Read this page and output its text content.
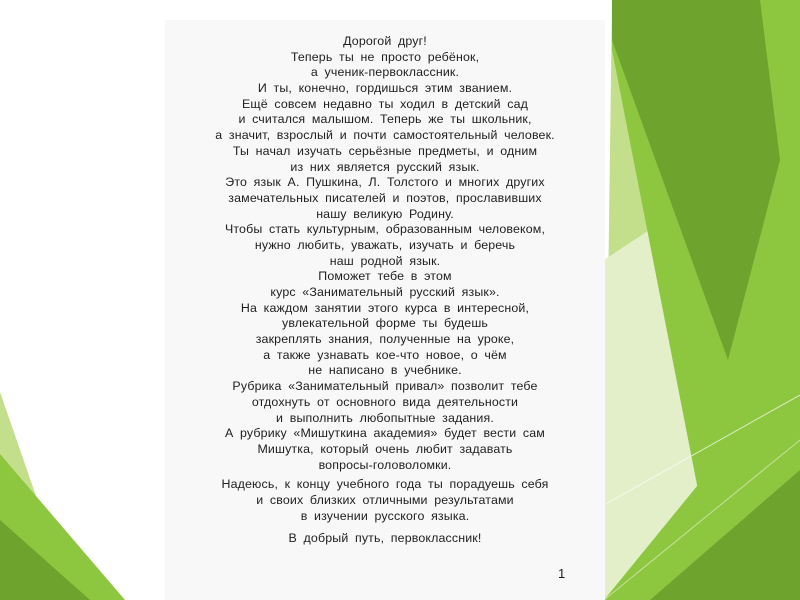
Дорогой друг!
Теперь ты не просто ребёнок,
а ученик-первоклассник.
И ты, конечно, гордишься этим званием.
Ещё совсем недавно ты ходил в детский сад
и считался малышом. Теперь же ты школьник,
а значит, взрослый и почти самостоятельный человек.
Ты начал изучать серьёзные предметы, и одним
из них является русский язык.
Это язык А. Пушкина, Л. Толстого и многих других
замечательных писателей и поэтов, прославивших
нашу великую Родину.
Чтобы стать культурным, образованным человеком,
нужно любить, уважать, изучать и беречь
наш родной язык.
Поможет тебе в этом
курс «Занимательный русский язык».
На каждом занятии этого курса в интересной,
увлекательной форме ты будешь
закреплять знания, полученные на уроке,
а также узнавать кое-что новое, о чём
не написано в учебнике.
Рубрика «Занимательный привал» позволит тебе
отдохнуть от основного вида деятельности
и выполнить любопытные задания.
А рубрику «Мишуткина академия» будет вести сам
Мишутка, который очень любит задавать
вопросы-головоломки.
Надеюсь, к концу учебного года ты порадуешь себя
и своих близких отличными результатами
в изучении русского языка.
В добрый путь, первоклассник!
1
